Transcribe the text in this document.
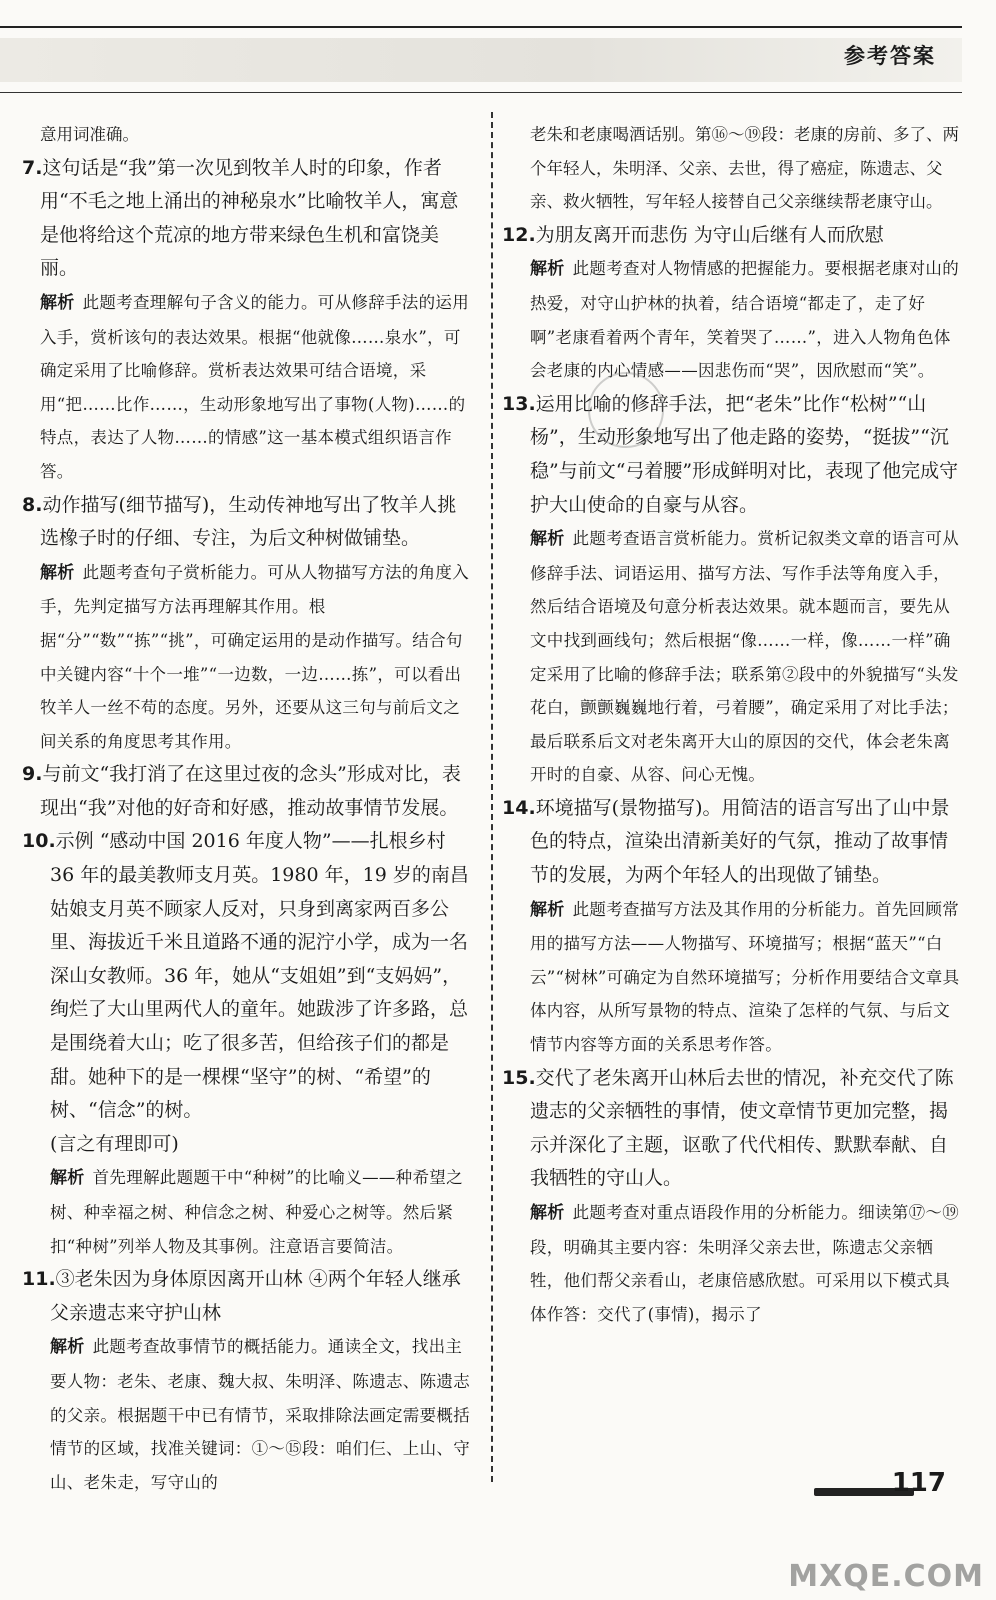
参考答案

意用词准确。

7.这句话是“我”第一次见到牧羊人时的印象，作者用“不毛之地上涌出的神秘泉水”比喻牧羊人，寓意是他将给这个荒凉的地方带来绿色生机和富饶美丽。

解析 此题考查理解句子含义的能力。可从修辞手法的运用入手，赏析该句的表达效果。根据“他就像……泉水”，可确定采用了比喻修辞。赏析表达效果可结合语境，采用“把……比作……，生动形象地写出了事物(人物)……的特点，表达了人物……的情感”这一基本模式组织语言作答。

8.动作描写(细节描写)，生动传神地写出了牧羊人挑选橡子时的仔细、专注，为后文种树做铺垫。

解析 此题考查句子赏析能力。可从人物描写方法的角度入手，先判定描写方法再理解其作用。根据“分”“数”“拣”“挑”，可确定运用的是动作描写。结合句中关键内容“十个一堆”“一边数，一边……拣”，可以看出牧羊人一丝不苟的态度。另外，还要从这三句与前后文之间关系的角度思考其作用。

9.与前文“我打消了在这里过夜的念头”形成对比，表现出“我”对他的好奇和好感，推动故事情节发展。

10.示例 “感动中国 2016 年度人物”——扎根乡村 36 年的最美教师支月英。1980 年，19 岁的南昌姑娘支月英不顾家人反对，只身到离家两百多公里、海拔近千米且道路不通的泥泞小学，成为一名深山女教师。36 年，她从“支姐姐”到“支妈妈”，绚烂了大山里两代人的童年。她跋涉了许多路，总是围绕着大山；吃了很多苦，但给孩子们的都是甜。她种下的是一棵棵“坚守”的树、“希望”的树、“信念”的树。

(言之有理即可)

解析 首先理解此题题干中“种树”的比喻义——种希望之树、种幸福之树、种信念之树、种爱心之树等。然后紧扣“种树”列举人物及其事例。注意语言要简洁。

11.③老朱因为身体原因离开山林 ④两个年轻人继承父亲遗志来守护山林

解析 此题考查故事情节的概括能力。通读全文，找出主要人物：老朱、老康、魏大叔、朱明泽、陈遗志、陈遗志的父亲。根据题干中已有情节，采取排除法画定需要概括情节的区域，找准关键词：①～⑮段：咱们仨、上山、守山、老朱走，写守山的

老朱和老康喝酒话别。第⑯～⑲段：老康的房前、多了、两个年轻人，朱明泽、父亲、去世，得了癌症，陈遗志、父亲、救火牺牲，写年轻人接替自己父亲继续帮老康守山。

12.为朋友离开而悲伤 为守山后继有人而欣慰

解析 此题考查对人物情感的把握能力。要根据老康对山的热爱，对守山护林的执着，结合语境“都走了，走了好啊”老康看着两个青年，笑着哭了……”，进入人物角色体会老康的内心情感——因悲伤而“哭”，因欣慰而“笑”。

13.运用比喻的修辞手法，把“老朱”比作“松树”“山杨”，生动形象地写出了他走路的姿势，“挺拔”“沉稳”与前文“弓着腰”形成鲜明对比，表现了他完成守护大山使命的自豪与从容。

解析 此题考查语言赏析能力。赏析记叙类文章的语言可从修辞手法、词语运用、描写方法、写作手法等角度入手，然后结合语境及句意分析表达效果。就本题而言，要先从文中找到画线句；然后根据“像……一样，像……一样”确定采用了比喻的修辞手法；联系第②段中的外貌描写“头发花白，颤颤巍巍地行着，弓着腰”，确定采用了对比手法；最后联系后文对老朱离开大山的原因的交代，体会老朱离开时的自豪、从容、问心无愧。

14.环境描写(景物描写)。用简洁的语言写出了山中景色的特点，渲染出清新美好的气氛，推动了故事情节的发展，为两个年轻人的出现做了铺垫。

解析 此题考查描写方法及其作用的分析能力。首先回顾常用的描写方法——人物描写、环境描写；根据“蓝天”“白云”“树林”可确定为自然环境描写；分析作用要结合文章具体内容，从所写景物的特点、渲染了怎样的气氛、与后文情节内容等方面的关系思考作答。

15.交代了老朱离开山林后去世的情况，补充交代了陈遗志的父亲牺牲的事情，使文章情节更加完整，揭示并深化了主题，讴歌了代代相传、默默奉献、自我牺牲的守山人。

解析 此题考查对重点语段作用的分析能力。细读第⑰～⑲段，明确其主要内容：朱明泽父亲去世，陈遗志父亲牺牲，他们帮父亲看山，老康倍感欣慰。可采用以下模式具体作答：交代了(事情)，揭示了

117
MXQE.COM
